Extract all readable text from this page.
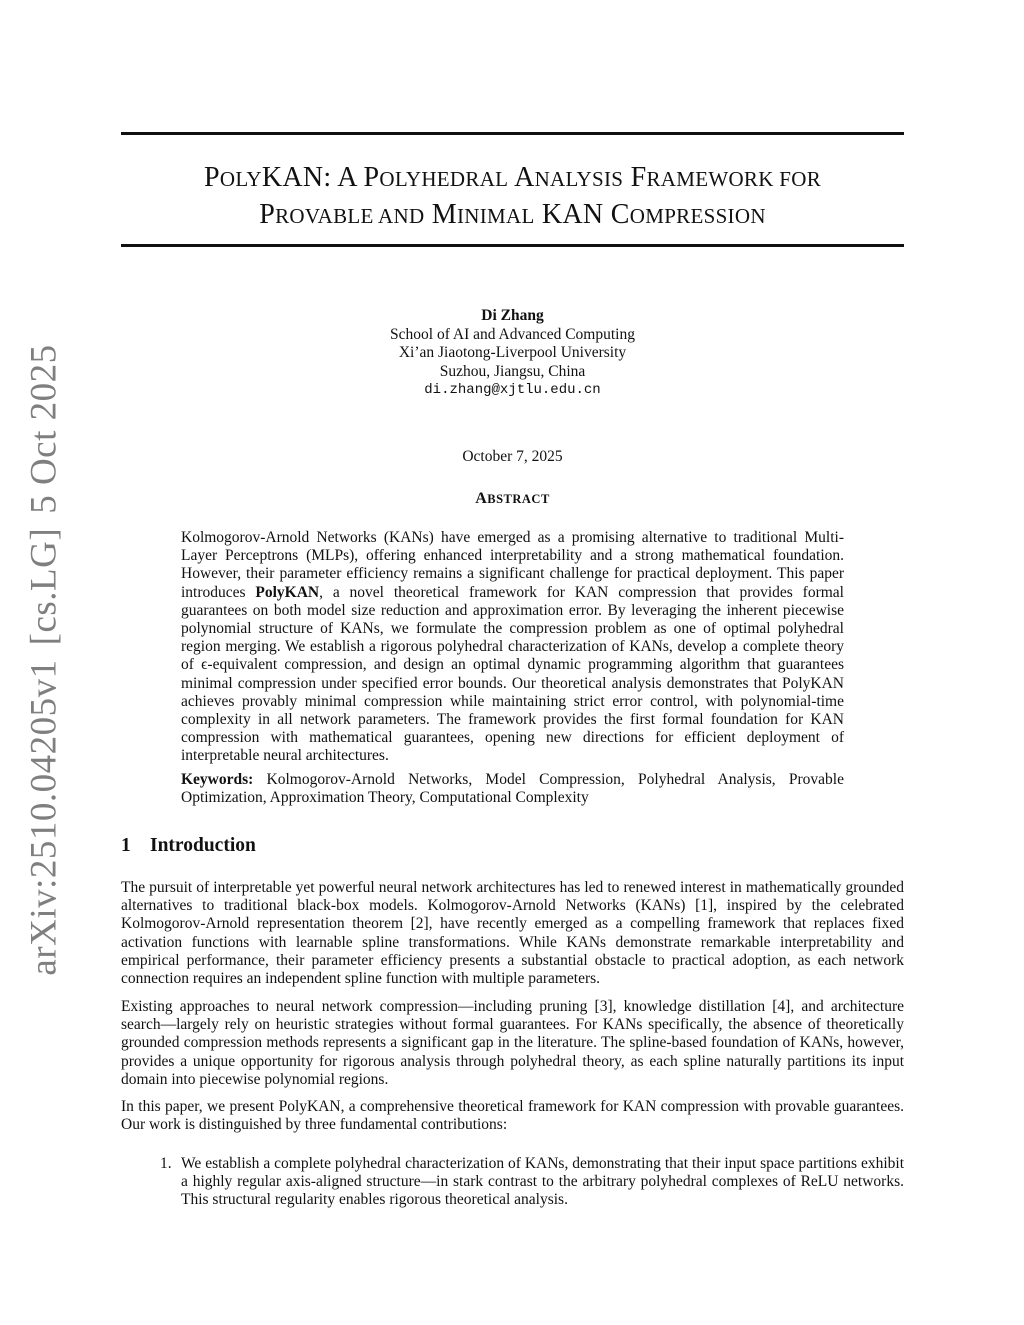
POLYKAN: A POLYHEDRAL ANALYSIS FRAMEWORK FOR
PROVABLE AND MINIMAL KAN COMPRESSION
Di Zhang
School of AI and Advanced Computing
Xi’an Jiaotong-Liverpool University
Suzhou, Jiangsu, China
di.zhang@xjtlu.edu.cn
October 7, 2025
ABSTRACT

Kolmogorov-Arnold Networks (KANs) have emerged as a promising alternative to traditional Multi-Layer Perceptrons (MLPs), offering enhanced interpretability and a strong mathematical foundation. However, their parameter efficiency remains a significant challenge for practical deployment. This paper introduces PolyKAN, a novel theoretical framework for KAN compression that provides formal guarantees on both model size reduction and approximation error. By leveraging the inherent piecewise polynomial structure of KANs, we formulate the compression problem as one of optimal polyhedral region merging. We establish a rigorous polyhedral characterization of KANs, develop a complete theory of ϵ-equivalent compression, and design an optimal dynamic programming algorithm that guarantees minimal compression under specified error bounds. Our theoretical analysis demonstrates that PolyKAN achieves provably minimal compression while maintaining strict error control, with polynomial-time complexity in all network parameters. The framework provides the first formal foundation for KAN compression with mathematical guarantees, opening new directions for efficient deployment of interpretable neural architectures.

Keywords: Kolmogorov-Arnold Networks, Model Compression, Polyhedral Analysis, Provable Optimization, Approximation Theory, Computational Complexity
1 Introduction

The pursuit of interpretable yet powerful neural network architectures has led to renewed interest in mathematically grounded alternatives to traditional black-box models. Kolmogorov-Arnold Networks (KANs) [1], inspired by the celebrated Kolmogorov-Arnold representation theorem [2], have recently emerged as a compelling framework that replaces fixed activation functions with learnable spline transformations. While KANs demonstrate remarkable interpretability and empirical performance, their parameter efficiency presents a substantial obstacle to practical adoption, as each network connection requires an independent spline function with multiple parameters.

Existing approaches to neural network compression—including pruning [3], knowledge distillation [4], and architecture search—largely rely on heuristic strategies without formal guarantees. For KANs specifically, the absence of theoretically grounded compression methods represents a significant gap in the literature. The spline-based foundation of KANs, however, provides a unique opportunity for rigorous analysis through polyhedral theory, as each spline naturally partitions its input domain into piecewise polynomial regions.

In this paper, we present PolyKAN, a comprehensive theoretical framework for KAN compression with provable guarantees. Our work is distinguished by three fundamental contributions:

1. We establish a complete polyhedral characterization of KANs, demonstrating that their input space partitions exhibit a highly regular axis-aligned structure—in stark contrast to the arbitrary polyhedral complexes of ReLU networks. This structural regularity enables rigorous theoretical analysis.
arXiv:2510.04205v1[cs.LG]5 Oct 2025
